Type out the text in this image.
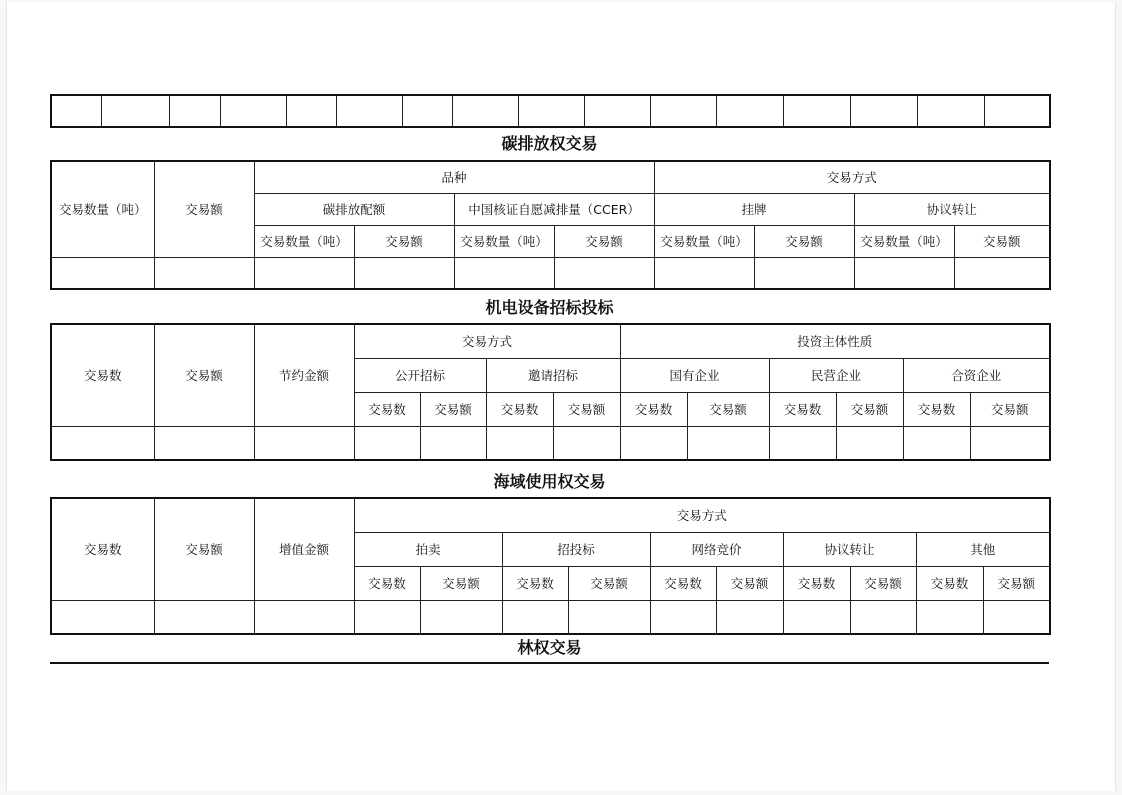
碳排放权交易
交易数量（吨）	交易额	品种				交易方式			
		碳排放配额		中国核证自愿减排量（CCER）		挂牌		协议转让	
		交易数量（吨）	交易额	交易数量（吨）	交易额	交易数量（吨）	交易额	交易数量（吨）	交易额

机电设备招标投标
交易数	交易额	节约金额	交易方式				投资主体性质					
			公开招标		邀请招标		国有企业		民营企业		合资企业	
			交易数	交易额	交易数	交易额	交易数	交易额	交易数	交易额	交易数	交易额

海域使用权交易
交易数	交易额	增值金额	交易方式									
			拍卖		招投标		网络竞价		协议转让		其他	
			交易数	交易额	交易数	交易额	交易数	交易额	交易数	交易额	交易数	交易额

林权交易
